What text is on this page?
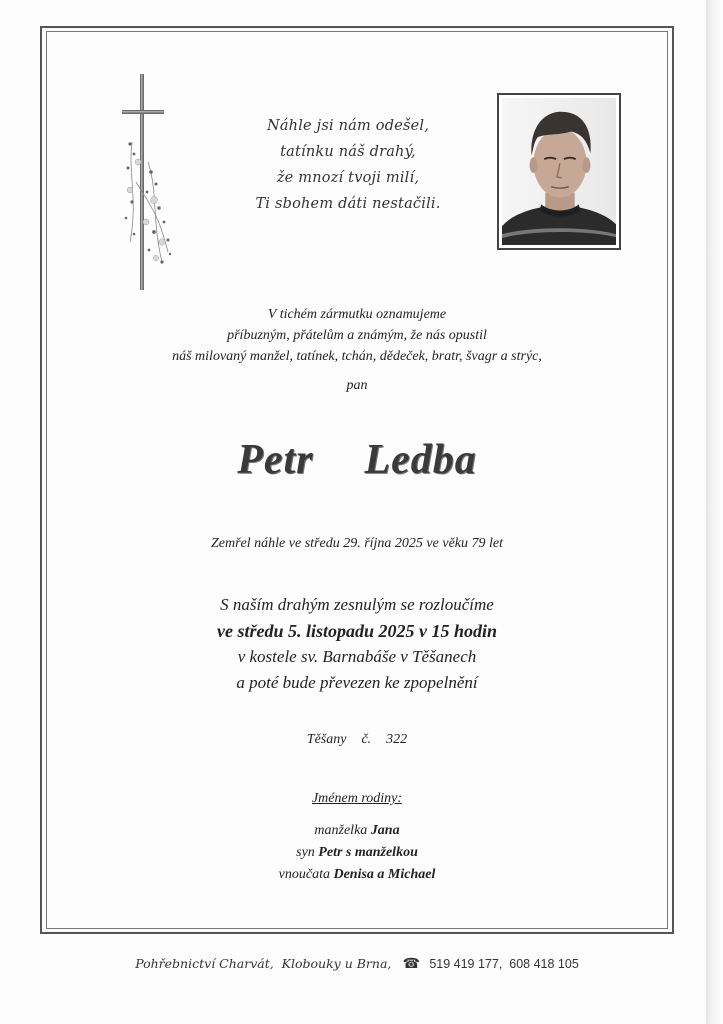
Náhle jsi nám odešel,
tatínku náš drahý,
že mnozí tvoji milí,
Ti sbohem dáti nestačili.
V tichém zármutku oznamujeme
příbuzným, přátelům a známým, že nás opustil
náš milovaný manžel, tatínek, tchán, dědeček, bratr, švagr a strýc,
pan
Petr  Ledba
Zemřel náhle ve středu 29. října 2025 ve věku 79 let
S naším drahým zesnulým se rozloučíme
ve středu 5. listopadu 2025 v 15 hodin
v kostele sv. Barnabáše v Těšanech
a poté bude převezen ke zpopelnění
Těšany  č.  322
Jménem rodiny:
manželka Jana
syn Petr s manželkou
vnoučata Denisa a Michael
Pohřebnictví Charvát,  Klobouky u Brna, ☎ 519 419 177,  608 418 105
